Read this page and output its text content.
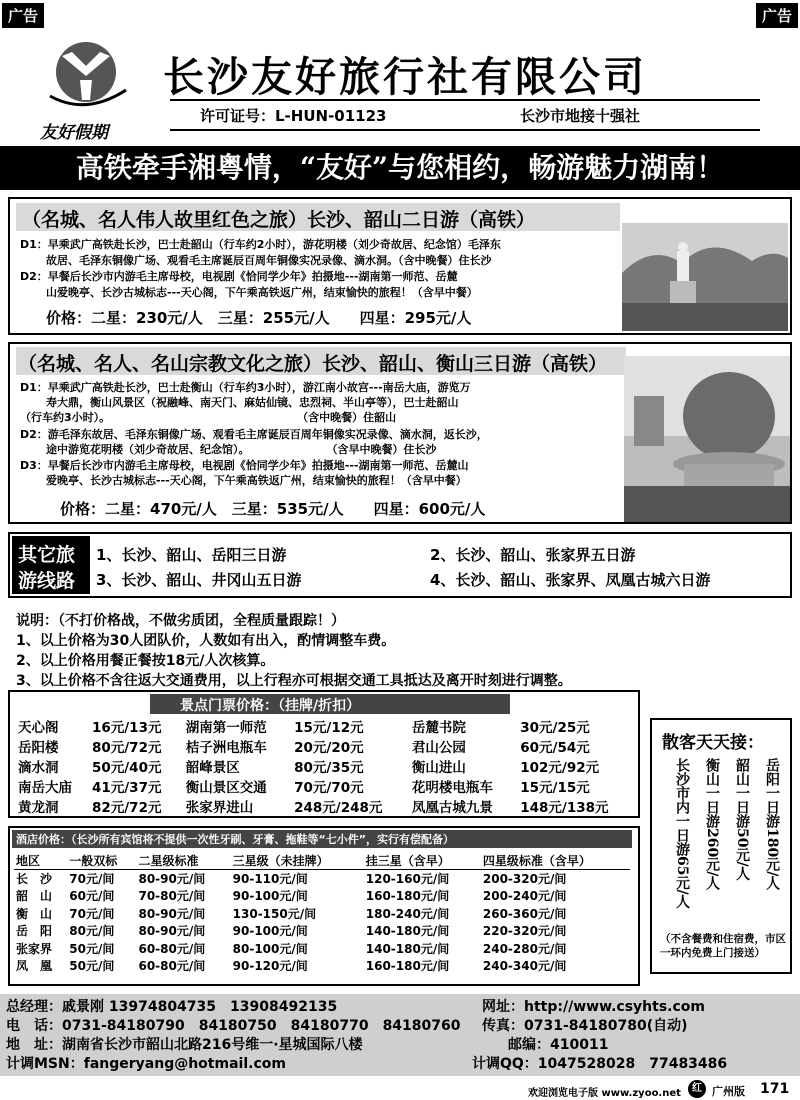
广告	广告
友好假期
长沙友好旅行社有限公司
许可证号：L-HUN-01123	长沙市地接十强社
高铁牵手湘粤情，“友好”与您相约，畅游魅力湖南！
（名城、名人伟人故里红色之旅）长沙、韶山二日游（高铁）
D1：早乘武广高铁赴长沙，巴士赴韶山（行车约2小时），游花明楼（刘少奇故居、纪念馆）毛泽东
故居、毛泽东铜像广场、观看毛主席诞辰百周年铜像实况录像、滴水洞。（含中晚餐）住长沙
D2：早餐后长沙市内游毛主席母校，电视剧《恰同学少年》拍摄地---湖南第一师范、岳麓
山爱晚亭、长沙古城标志---天心阁，下午乘高铁返广州，结束愉快的旅程！（含早中餐）
价格：二星：230元/人　三星：255元/人　　四星：295元/人
（名城、名人、名山宗教文化之旅）长沙、韶山、衡山三日游（高铁）
D1：早乘武广高铁赴长沙，巴士赴衡山（行车约3小时），游江南小故宫---南岳大庙，游览万
寿大鼎，衡山风景区（祝融峰、南天门、麻姑仙镜、忠烈祠、半山亭等），巴士赴韶山
（行车约3小时）。　　　　　　　　　　　　　　　　　　（含中晚餐）住韶山
D2：游毛泽东故居、毛泽东铜像广场、观看毛主席诞辰百周年铜像实况录像、滴水洞，返长沙，
途中游览花明楼（刘少奇故居、纪念馆）。　　　　　　　　（含早中晚餐）住长沙
D3：早餐后长沙市内游毛主席母校，电视剧《恰同学少年》拍摄地---湖南第一师范、岳麓山
爱晚亭、长沙古城标志---天心阁，下午乘高铁返广州，结束愉快的旅程！（含早中餐）
价格：二星：470元/人　三星：535元/人　　四星：600元/人
其它旅
游线路
1、长沙、韶山、岳阳三日游	2、长沙、韶山、张家界五日游
3、长沙、韶山、井冈山五日游	4、长沙、韶山、张家界、凤凰古城六日游
说明：（不打价格战，不做劣质团，全程质量跟踪！）
1、以上价格为30人团队价，人数如有出入，酌情调整车费。
2、以上价格用餐正餐按18元/人次核算。
3、以上价格不含往返大交通费用，以上行程亦可根据交通工具抵达及离开时刻进行调整。
景点门票价格：（挂牌/折扣）
天心阁	16元/13元	湖南第一师范	15元/12元	岳麓书院	30元/25元
岳阳楼	80元/72元	桔子洲电瓶车	20元/20元	君山公园	60元/54元
滴水洞	50元/40元	韶峰景区	80元/35元	衡山进山	102元/92元
南岳大庙	41元/37元	衡山景区交通	70元/70元	花明楼电瓶车	15元/15元
黄龙洞	82元/72元	张家界进山	248元/248元	凤凰古城九景	148元/138元
散客天天接：
岳阳一日游180元/人
韶山一日游50元/人
衡山一日游260元/人
长沙市内一日游65元/人
（不含餐费和住宿费，市区一环内免费上门接送）
酒店价格：（长沙所有宾馆将不提供一次性牙刷、牙膏、拖鞋等“七小件”，实行有偿配备）
地区	一般双标	二星级标准	三星级（未挂牌）	挂三星（含早）	四星级标准（含早）
长　沙	70元/间	80-90元/间	90-110元/间	120-160元/间	200-320元/间
韶　山	60元/间	70-80元/间	90-100元/间	160-180元/间	200-240元/间
衡　山	70元/间	80-90元/间	130-150元/间	180-240元/间	260-360元/间
岳　阳	80元/间	80-90元/间	90-100元/间	140-180元/间	220-320元/间
张家界	50元/间	60-80元/间	80-100元/间	140-180元/间	240-280元/间
凤　凰	50元/间	60-80元/间	90-120元/间	160-180元/间	240-340元/间
总经理：戚景刚 13974804735　13908492135	网址：http://www.csyhts.com
电　话：0731-84180790　84180750　84180770　84180760 传真：0731-84180780(自动)
地　址：湖南省长沙市韶山北路216号维一·星城国际八楼	邮编：410011
计调MSN：fangeryang@hotmail.com	计调QQ：1047528028　77483486
欢迎浏览电子版 www.zyoo.net	红 广州版 171
